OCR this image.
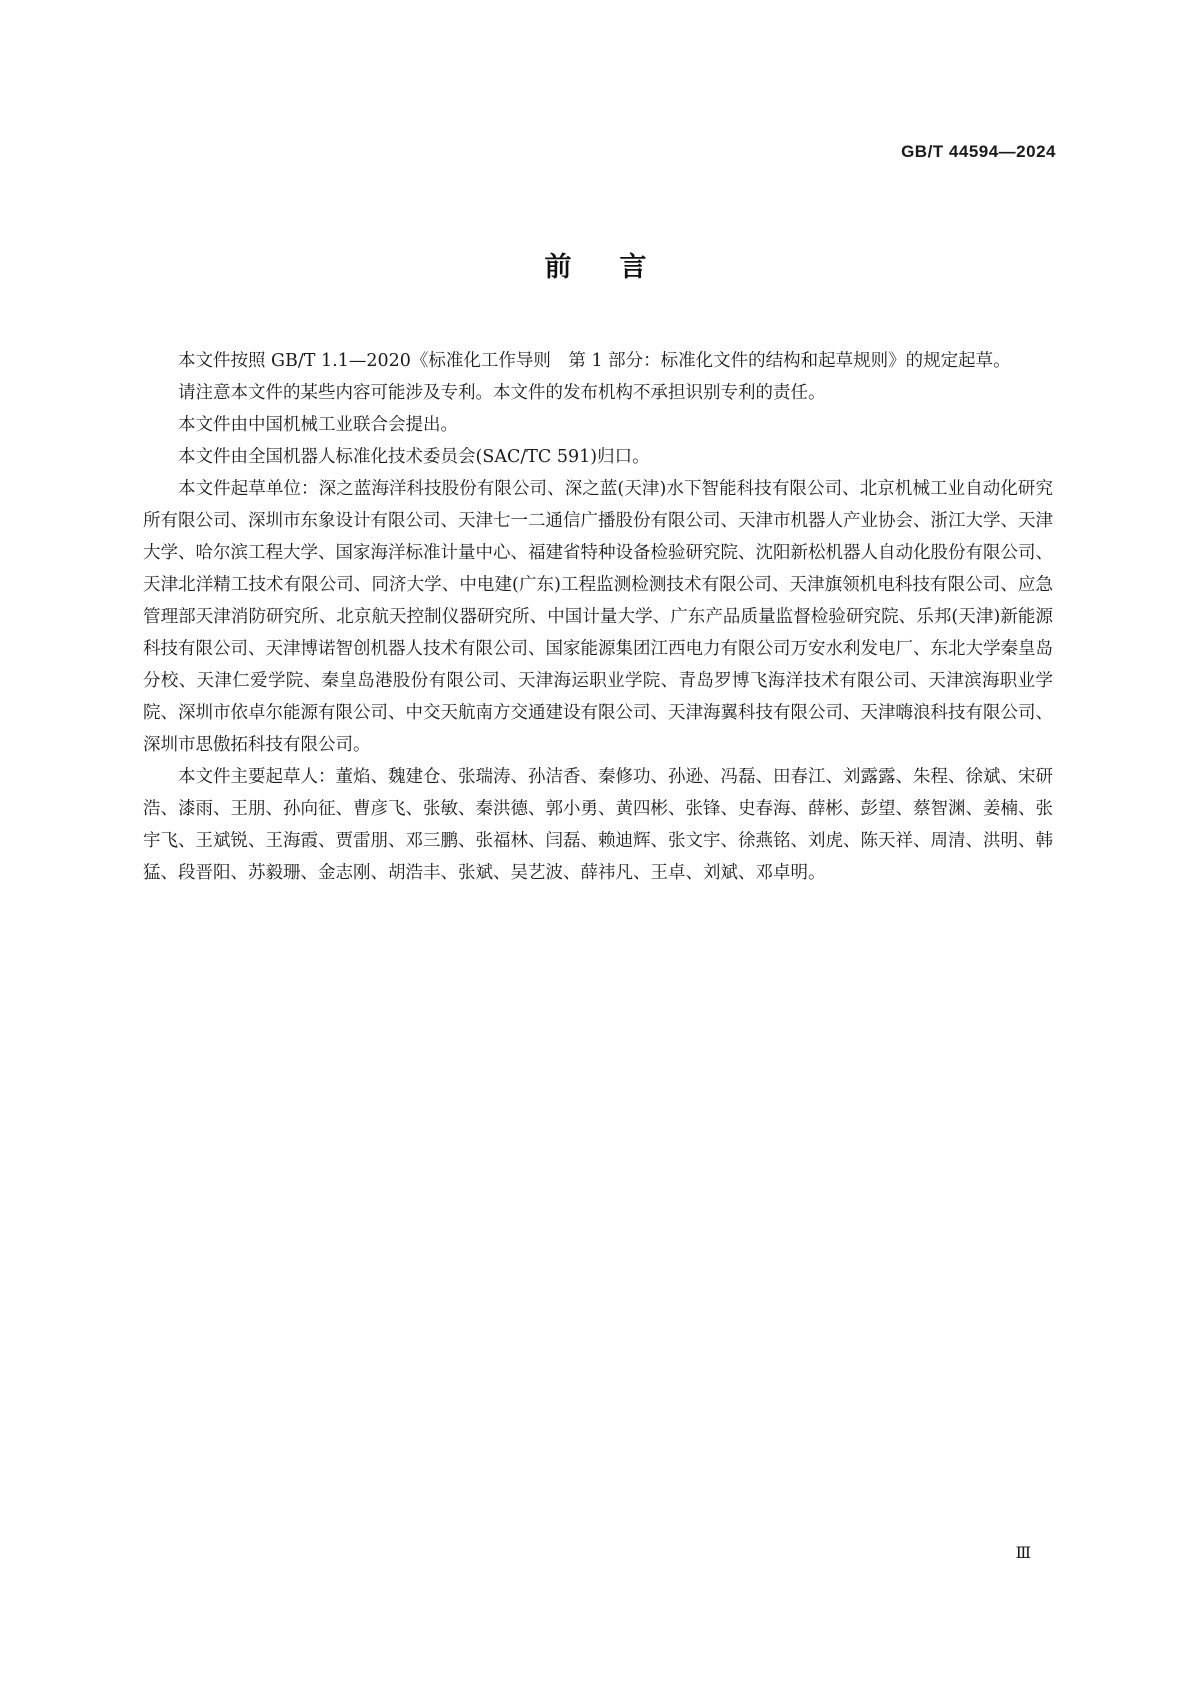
GB/T 44594—2024
前言

本文件按照 GB/T 1.1—2020《标准化工作导则　第 1 部分：标准化文件的结构和起草规则》的规定起草。

请注意本文件的某些内容可能涉及专利。本文件的发布机构不承担识别专利的责任。

本文件由中国机械工业联合会提出。

本文件由全国机器人标准化技术委员会(SAC/TC 591)归口。

本文件起草单位：深之蓝海洋科技股份有限公司、深之蓝(天津)水下智能科技有限公司、北京机械工业自动化研究所有限公司、深圳市东象设计有限公司、天津七一二通信广播股份有限公司、天津市机器人产业协会、浙江大学、天津大学、哈尔滨工程大学、国家海洋标准计量中心、福建省特种设备检验研究院、沈阳新松机器人自动化股份有限公司、天津北洋精工技术有限公司、同济大学、中电建(广东)工程监测检测技术有限公司、天津旗领机电科技有限公司、应急管理部天津消防研究所、北京航天控制仪器研究所、中国计量大学、广东产品质量监督检验研究院、乐邦(天津)新能源科技有限公司、天津博诺智创机器人技术有限公司、国家能源集团江西电力有限公司万安水利发电厂、东北大学秦皇岛分校、天津仁爱学院、秦皇岛港股份有限公司、天津海运职业学院、青岛罗博飞海洋技术有限公司、天津滨海职业学院、深圳市依卓尔能源有限公司、中交天航南方交通建设有限公司、天津海翼科技有限公司、天津嗨浪科技有限公司、深圳市思傲拓科技有限公司。

本文件主要起草人：董焰、魏建仓、张瑞涛、孙洁香、秦修功、孙逊、冯磊、田春江、刘露露、朱程、徐斌、宋研浩、漆雨、王朋、孙向征、曹彦飞、张敏、秦洪德、郭小勇、黄四彬、张锋、史春海、薛彬、彭望、蔡智渊、姜楠、张宇飞、王斌锐、王海霞、贾雷朋、邓三鹏、张福林、闫磊、赖迪辉、张文宇、徐燕铭、刘虎、陈天祥、周清、洪明、韩猛、段晋阳、苏毅珊、金志刚、胡浩丰、张斌、吴艺波、薛祎凡、王卓、刘斌、邓卓明。

Ⅲ
